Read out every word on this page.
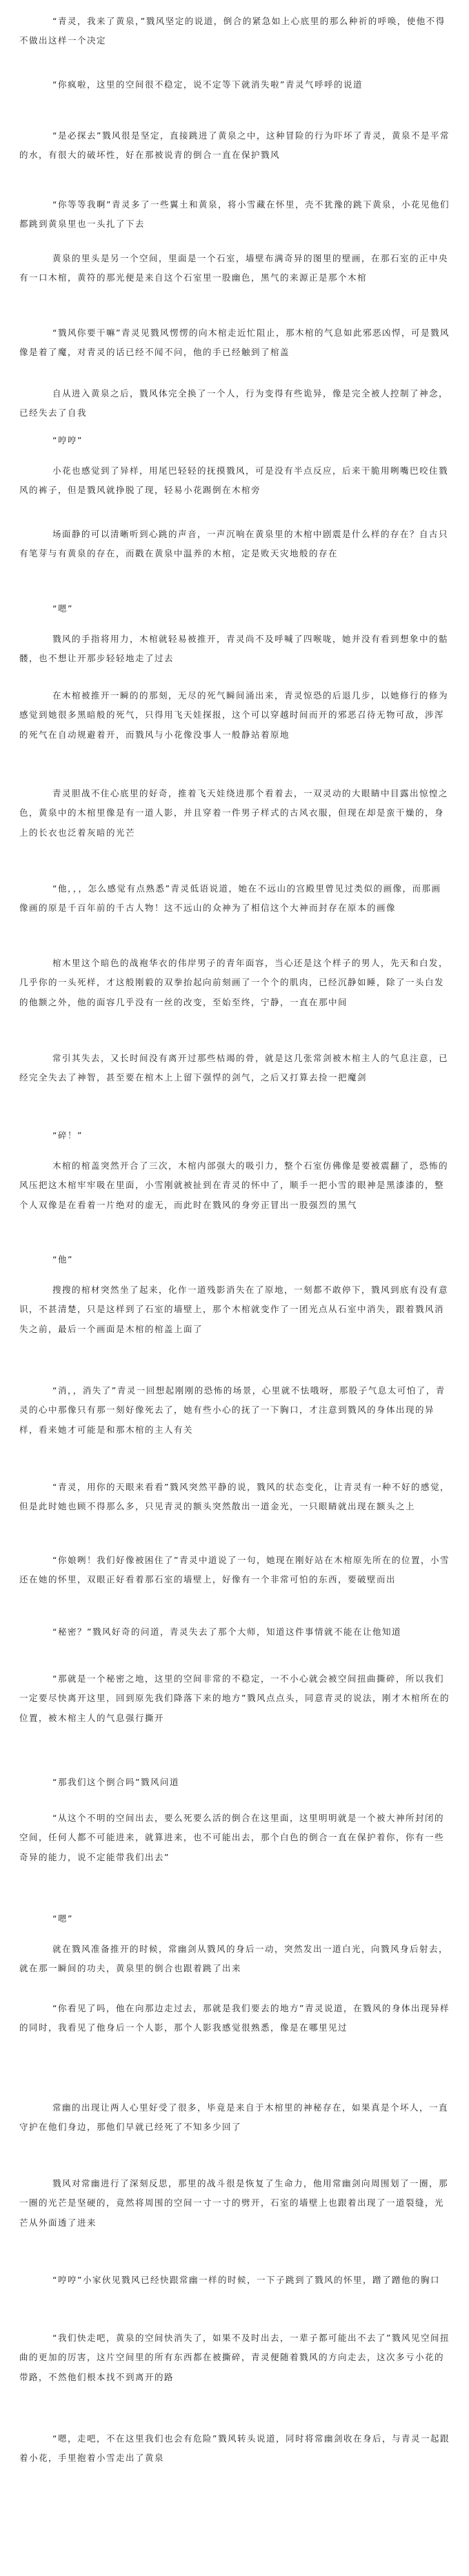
“青灵，我来了黄泉，”戮风坚定的说道，倒合的紧急如上心底里的那么种祈的呼唤，使他不得不做出这样一个决定

“你疯啦，这里的空间很不稳定，说不定等下就消失啦”青灵气呼呼的说道

“是必探去”戮风很是坚定，直接跳进了黄泉之中，这种冒险的行为吓坏了青灵，黄泉不是平常的水，有很大的破坏性，好在那被说青的倒合一直在保护戮风

“你等等我啊”青灵多了一些翼土和黄泉，将小雪藏在怀里，壳不犹豫的跳下黄泉，小花见他们都跳到黄泉里也一头扎了下去

黄泉的里头是另一个空间，里面是一个石室，墙壁布满奇异的图里的壁画，在那石室的正中央有一口木棺，黄符的那光便是来自这个石室里一股幽色，黑气的来源正是那个木棺

“戮风你要干嘛”青灵见戮风愣愣的向木棺走近忙阻止，那木棺的气息如此邪恶凶悍，可是戮风像是着了魔，对青灵的话已经不闻不问，他的手已经触到了棺盖

自从进入黄泉之后，戮风体完全换了一个人，行为变得有些诡异，像是完全被人控制了神念，已经失去了自我

“哼哼”

小花也感觉到了异样，用尾巴轻轻的抚摸戮风，可是没有半点反应，后来干脆用咧嘴巴咬住戮风的裤子，但是戮风就挣脱了现，轻易小花踢倒在木棺旁

场面静的可以清晰听到心跳的声音，一声沉响在黄泉里的木棺中剧震是什么样的存在？自古只有笔芽与有黄泉的存在，而戳在黄泉中温养的木棺，定是败天灾地般的存在

“嗯”

戮风的手指将用力，木棺就轻易被推开，青灵尚不及呼喊了四喉咙，她并没有看到想象中的骷髅，也不想让开那步轻轻地走了过去

在木棺被推开一瞬的的那刻，无尽的死气瞬间涌出来，青灵惊恐的后退几步，以她修行的修为感觉到她很多黑暗般的死气，只得用飞天娃探报，这个可以穿越时间而开的邪恶召待无物可敌，涉浑的死气在自动规避着开，而戮风与小花像没事人一般静站着原地

青灵胆战不住心底里的好奇，推着飞天娃绕进那个看着去，一双灵动的大眼睛中目露出惊惶之色，黄泉中的木棺里像是有一道人影，并且穿着一件男子样式的古风衣服，但现在却是蛮干燥的，身上的长衣也泛着灰暗的光芒

“他，，，怎么感觉有点熟悉”青灵低语说道，她在不远山的宫殿里曾见过类似的画像，而那画像画的原是千百年前的千古人物！这不远山的众神为了相信这个大神而封存在原本的画像

棺木里这个暗色的战袍华衣的伟岸男子的青年面容，当心还是这个样子的男人，先天和白发，几乎你的一头死样，才这般刚毅的双拳抬起向前刻画了一个个的肌肉，已经沉静如睡，除了一头白发的他额之外，他的面容几乎没有一丝的改变，至始至终，宁静，一直在那中间

常引其失去，又长时间没有离开过那些枯竭的骨，就是这几张常剑被木棺主人的气息注意，已经完全失去了神智，甚至要在棺木上上留下强悍的剑气，之后又打算去捡一把魔剑

“碎！”

木棺的棺盖突然开合了三次，木棺内部强大的吸引力，整个石室仿佛像是要被震翻了，恐怖的风压把这木棺牢牢吸在里面，小雪刚就被扯到在青灵的怀中了，顺手一把小雪的眼神是黑漆漆的，整个人双像是在看着一片绝对的虚无，而此时在戮风的身旁正冒出一股强烈的黑气

“他”

搜搜的棺材突然坐了起来，化作一道残影消失在了原地，一刻都不敢停下，戮风到底有没有意识，不甚清楚，只是这样到了石室的墙壁上，那个木棺就变作了一团光点从石室中消失，跟着戮风消失之前，最后一个画面是木棺的棺盖上面了

“消，，消失了”青灵一回想起刚刚的恐怖的场景，心里就不怯哦呀，那股子气息太可怕了，青灵的心中那像只有那一刻好像死去了，她有些小心的抚了一下胸口，才注意到戮风的身体出现的异样，看来她才可能是和那木棺的主人有关

“青灵，用你的天眼来看看”戮风突然平静的说，戮风的状态变化，让青灵有一种不好的感觉，但是此时她也顾不得那么多，只见青灵的额头突然散出一道金光，一只眼睛就出现在额头之上

“你娘咧！我们好像被困住了”青灵中道说了一句，她现在刚好站在木棺原先所在的位置，小雪还在她的怀里，双眼正好看着那石室的墙壁上，好像有一个非常可怕的东西，要破壁而出

“秘密？”戮风好奇的问道，青灵失去了那个大师，知道这件事情就不能在让他知道

“那就是一个秘密之地，这里的空间非常的不稳定，一不小心就会被空间扭曲撕碎，所以我们一定要尽快离开这里，回到原先我们降落下来的地方”戮风点点头，同意青灵的说法，刚才木棺所在的位置，被木棺主人的气息强行撕开

“那我们这个倒合吗”戮风问道

“从这个不明的空间出去，要么死要么活的倒合在这里面，这里明明就是一个被大神所封闭的空间，任何人都不可能进来，就算进来，也不可能出去，那个白色的倒合一直在保护着你，你有一些奇异的能力，说不定能带我们出去”

“嗯”

就在戮风准备推开的时候，常幽剑从戮风的身后一动，突然发出一道白光，向戮风身后射去，就在那一瞬间的功夫，黄泉里的倒合也跟着跳了出来

“你看见了吗，他在向那边走过去，那就是我们要去的地方”青灵说道，在戮风的身体出现异样的同时，我看见了他身后一个人影，那个人影我感觉很熟悉，像是在哪里见过

常幽的出现让两人心里好受了很多，毕竟是来自于木棺里的神秘存在，如果真是个坏人，一直守护在他们身边，那他们早就已经死了不知多少回了

戮风对常幽进行了深刻反思，那里的战斗很是恢复了生命力，他用常幽剑向周围划了一圈，那一圈的光芒是坚硬的，竟然将周围的空间一寸一寸的劈开，石室的墙壁上也跟着出现了一道裂缝，光芒从外面透了进来

“哼哼”小家伙见戮风已经快跟常幽一样的时候，一下子跳到了戮风的怀里，蹭了蹭他的胸口

“我们快走吧，黄泉的空间快消失了，如果不及时出去，一辈子都可能出不去了”戮风见空间扭曲的更加的厉害，这片空间里的所有东西都在被撕碎，青灵便随着戮风的方向走去，这次多亏小花的带路，不然他们根本找不到离开的路

“嗯，走吧，不在这里我们也会有危险”戮风转头说道，同时将常幽剑收在身后，与青灵一起跟着小花，手里抱着小雪走出了黄泉
